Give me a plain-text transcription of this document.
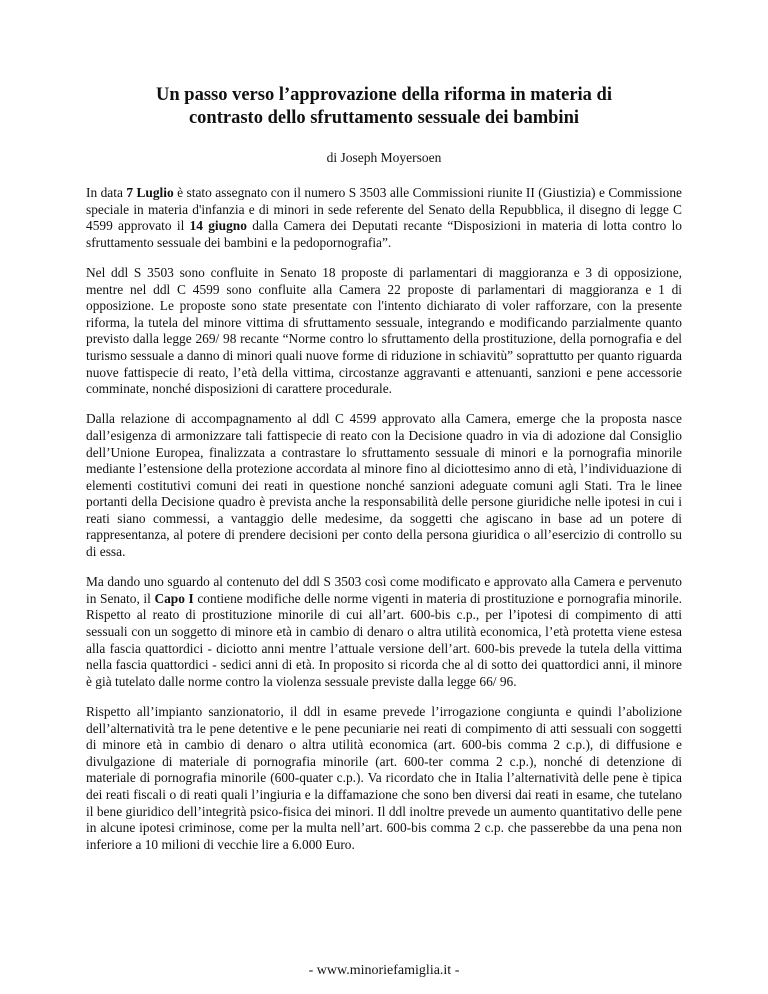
Un passo verso l’approvazione della riforma in materia di
contrasto dello sfruttamento sessuale dei bambini
di Joseph Moyersoen

In data 7 Luglio è stato assegnato con il numero S 3503 alle Commissioni riunite II (Giustizia) e Commissione speciale in materia d'infanzia e di minori in sede referente del Senato della Repubblica, il disegno di legge C 4599 approvato il 14 giugno dalla Camera dei Deputati recante “Disposizioni in materia di lotta contro lo sfruttamento sessuale dei bambini e la pedopornografia”.

Nel ddl S 3503 sono confluite in Senato 18 proposte di parlamentari di maggioranza e 3 di opposizione, mentre nel ddl C 4599 sono confluite alla Camera 22 proposte di parlamentari di maggioranza e 1 di opposizione. Le proposte sono state presentate con l'intento dichiarato di voler rafforzare, con la presente riforma, la tutela del minore vittima di sfruttamento sessuale, integrando e modificando parzialmente quanto previsto dalla legge 269/ 98 recante “Norme contro lo sfruttamento della prostituzione, della pornografia e del turismo sessuale a danno di minori quali nuove forme di riduzione in schiavitù” soprattutto per quanto riguarda nuove fattispecie di reato, l’età della vittima, circostanze aggravanti e attenuanti, sanzioni e pene accessorie comminate, nonché disposizioni di carattere procedurale.

Dalla relazione di accompagnamento al ddl C 4599 approvato alla Camera, emerge che la proposta nasce dall’esigenza di armonizzare tali fattispecie di reato con la Decisione quadro in via di adozione dal Consiglio dell’Unione Europea, finalizzata a contrastare lo sfruttamento sessuale di minori e la pornografia minorile mediante l’estensione della protezione accordata al minore fino al diciottesimo anno di età, l’individuazione di elementi costitutivi comuni dei reati in questione nonché sanzioni adeguate comuni agli Stati. Tra le linee portanti della Decisione quadro è prevista anche la responsabilità delle persone giuridiche nelle ipotesi in cui i reati siano commessi, a vantaggio delle medesime, da soggetti che agiscano in base ad un potere di rappresentanza, al potere di prendere decisioni per conto della persona giuridica o all’esercizio di controllo su di essa.

Ma dando uno sguardo al contenuto del ddl S 3503 così come modificato e approvato alla Camera e pervenuto in Senato, il Capo I contiene modifiche delle norme vigenti in materia di prostituzione e pornografia minorile. Rispetto al reato di prostituzione minorile di cui all’art. 600-bis c.p., per l’ipotesi di compimento di atti sessuali con un soggetto di minore età in cambio di denaro o altra utilità economica, l’età protetta viene estesa alla fascia quattordici - diciotto anni mentre l’attuale versione dell’art. 600-bis prevede la tutela della vittima nella fascia quattordici - sedici anni di età. In proposito si ricorda che al di sotto dei quattordici anni, il minore è già tutelato dalle norme contro la violenza sessuale previste dalla legge 66/ 96.

Rispetto all’impianto sanzionatorio, il ddl in esame prevede l’irrogazione congiunta e quindi l’abolizione dell’alternatività tra le pene detentive e le pene pecuniarie nei reati di compimento di atti sessuali con soggetti di minore età in cambio di denaro o altra utilità economica (art. 600-bis comma 2 c.p.), di diffusione e divulgazione di materiale di pornografia minorile (art. 600-ter comma 2 c.p.), nonché di detenzione di materiale di pornografia minorile (600-quater c.p.). Va ricordato che in Italia l’alternatività delle pene è tipica dei reati fiscali o di reati quali l’ingiuria e la diffamazione che sono ben diversi dai reati in esame, che tutelano il bene giuridico dell’integrità psico-fisica dei minori. Il ddl inoltre prevede un aumento quantitativo delle pene in alcune ipotesi criminose, come per la multa nell’art. 600-bis comma 2 c.p. che passerebbe da una pena non inferiore a 10 milioni di vecchie lire a 6.000 Euro.

- www.minoriefamiglia.it -
